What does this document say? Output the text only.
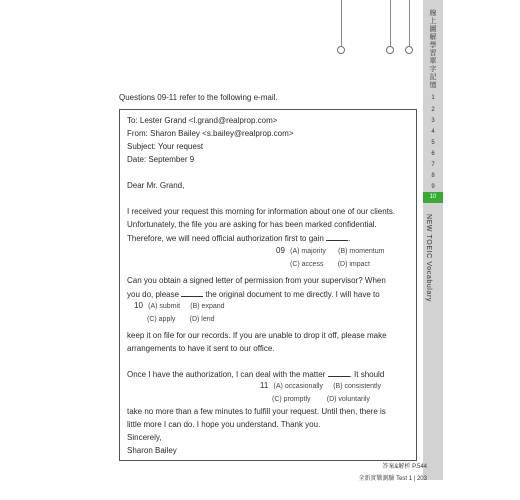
線上圖解學習單字記憶
1
2
3
4
5
6
7
8
9
10
NEW TOEIC Vocabulary
Questions 09-11 refer to the following e-mail.
To: Lester Grand <l.grand@realprop.com>
From: Sharon Bailey <s.bailey@realprop.com>
Subject: Your request
Date: September 9
Dear Mr. Grand,
I received your request this morning for information about one of our clients.
Unfortunately, the file you are asking for has been marked confidential.
Therefore, we will need official authorization first to gain	.
09 (A) majority (B) momentum
(C) access (D) impact
Can you obtain a signed letter of permission from your supervisor? When
you do, please	the original document to me directly. I will have to
10 (A) submit (B) expand
(C) apply (D) lend
keep it on file for our records. If you are unable to drop it off, please make
arrangements to have it sent to our office.
Once I have the authorization, I can deal with the matter	. It should
11 (A) occasionally (B) consistently
(C) promptly (D) voluntarily
take no more than a few minutes to fulfill your request. Until then, there is
little more I can do. I hope you understand. Thank you.
Sincerely,
Sharon Bailey
答案&解析 P.544
全新實戰測驗 Test 1 | 203
